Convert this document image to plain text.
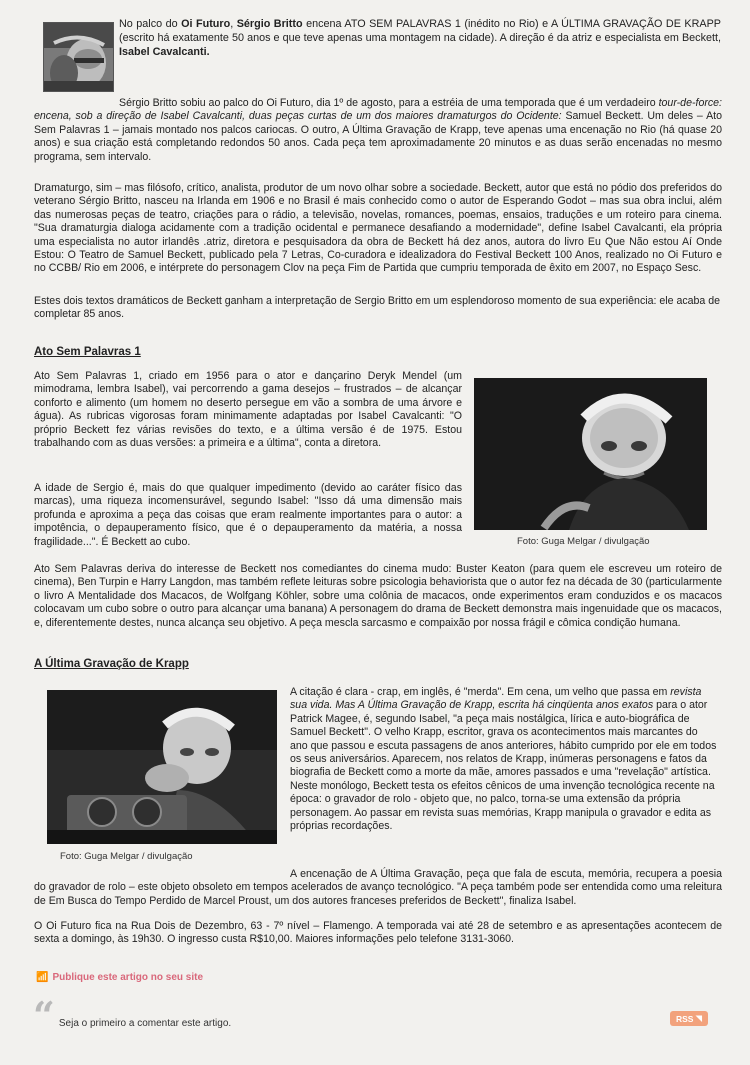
No palco do Oi Futuro, Sérgio Britto encena ATO SEM PALAVRAS 1 (inédito no Rio) e A ÚLTIMA GRAVAÇÃO DE KRAPP (escrito há exatamente 50 anos e que teve apenas uma montagem na cidade). A direção é da atriz e especialista em Beckett, Isabel Cavalcanti.

Sérgio Britto sobiu ao palco do Oi Futuro, dia 1º de agosto, para a estréia de uma temporada que é um verdadeiro tour-de-force: encena, sob a direção de Isabel Cavalcanti, duas peças curtas de um dos maiores dramaturgos do Ocidente: Samuel Beckett. Um deles – Ato Sem Palavras 1 – jamais montado nos palcos cariocas. O outro, A Última Gravação de Krapp, teve apenas uma encenação no Rio (há quase 20 anos) e sua criação está completando redondos 50 anos. Cada peça tem aproximadamente 20 minutos e as duas serão encenadas no mesmo programa, sem intervalo.

Dramaturgo, sim – mas filósofo, crítico, analista, produtor de um novo olhar sobre a sociedade. Beckett, autor que está no pódio dos preferidos do veterano Sérgio Britto, nasceu na Irlanda em 1906 e no Brasil é mais conhecido como o autor de Esperando Godot – mas sua obra inclui, além das numerosas peças de teatro, criações para o rádio, a televisão, novelas, romances, poemas, ensaios, traduções e um roteiro para cinema. "Sua dramaturgia dialoga acidamente com a tradição ocidental e permanece desafiando a modernidade", define Isabel Cavalcanti, ela própria uma especialista no autor irlandês .atriz, diretora e pesquisadora da obra de Beckett há dez anos, autora do livro Eu Que Não estou Aí Onde Estou: O Teatro de Samuel Beckett, publicado pela 7 Letras, Co-curadora e idealizadora do Festival Beckett 100 Anos, realizado no Oi Futuro e no CCBB/ Rio em 2006, e intérprete do personagem Clov na peça Fim de Partida que cumpriu temporada de êxito em 2007, no Espaço Sesc.

Estes dois textos dramáticos de Beckett ganham a interpretação de Sergio Britto em um esplendoroso momento de sua experiência: ele acaba de completar 85 anos.

Ato Sem Palavras 1

Ato Sem Palavras 1, criado em 1956 para o ator e dançarino Deryk Mendel (um mimodrama, lembra Isabel), vai percorrendo a gama desejos – frustrados – de alcançar conforto e alimento (um homem no deserto persegue em vão a sombra de uma árvore e água). As rubricas vigorosas foram minimamente adaptadas por Isabel Cavalcanti: "O próprio Beckett fez várias revisões do texto, e a última versão é de 1975. Estou trabalhando com as duas versões: a primeira e a última", conta a diretora.

A idade de Sergio é, mais do que qualquer impedimento (devido ao caráter físico das marcas), uma riqueza incomensurável, segundo Isabel: "Isso dá uma dimensão mais profunda e aproxima a peça das coisas que eram realmente importantes para o autor: a impotência, o depauperamento físico, que é o depauperamento da matéria, a nossa fragilidade...". É Beckett ao cubo.	Foto: Guga Melgar / divulgação

Ato Sem Palavras deriva do interesse de Beckett nos comediantes do cinema mudo: Buster Keaton (para quem ele escreveu um roteiro de cinema), Ben Turpin e Harry Langdon, mas também reflete leituras sobre psicologia behaviorista que o autor fez na década de 30 (particularmente o livro A Mentalidade dos Macacos, de Wolfgang Köhler, sobre uma colônia de macacos, onde experimentos eram conduzidos e os macacos colocavam um cubo sobre o outro para alcançar uma banana) A personagem do drama de Beckett demonstra mais ingenuidade que os macacos, e, diferentemente destes, nunca alcança seu objetivo. A peça mescla sarcasmo e compaixão por nossa frágil e cômica condição humana.

A Última Gravação de Krapp
Foto: Guga Melgar / divulgação

A citação é clara - crap, em inglês, é "merda". Em cena, um velho que passa em revista sua vida. Mas A Última Gravação de Krapp, escrita há cinqüenta anos exatos para o ator Patrick Magee, é, segundo Isabel, "a peça mais nostálgica, lírica e auto-biográfica de Samuel Beckett". O velho Krapp, escritor, grava os acontecimentos mais marcantes do ano que passou e escuta passagens de anos anteriores, hábito cumprido por ele em todos os seus aniversários. Aparecem, nos relatos de Krapp, inúmeras personagens e fatos da biografia de Beckett como a morte da mãe, amores passados e uma "revelação" artística. Neste monólogo, Beckett testa os efeitos cênicos de uma invenção tecnológica recente na época: o gravador de rolo - objeto que, no palco, torna-se uma extensão da própria personagem. Ao passar em revista suas memórias, Krapp manipula o gravador e edita as próprias recordações.

A encenação de A Última Gravação, peça que fala de escuta, memória, recupera a poesia do gravador de rolo – este objeto obsoleto em tempos acelerados de avanço tecnológico. "A peça também pode ser entendida como uma releitura de Em Busca do Tempo Perdido de Marcel Proust, um dos autores franceses preferidos de Beckett", finaliza Isabel.

O Oi Futuro fica na Rua Dois de Dezembro, 63 - 7º nível – Flamengo. A temporada vai até 28 de setembro e as apresentações acontecem de sexta a domingo, às 19h30. O ingresso custa R$10,00. Maiores informações pelo telefone 3131-3060.

📶 Publique este artigo no seu site
“ Seja o primeiro a comentar este artigo.	RSS ◥
